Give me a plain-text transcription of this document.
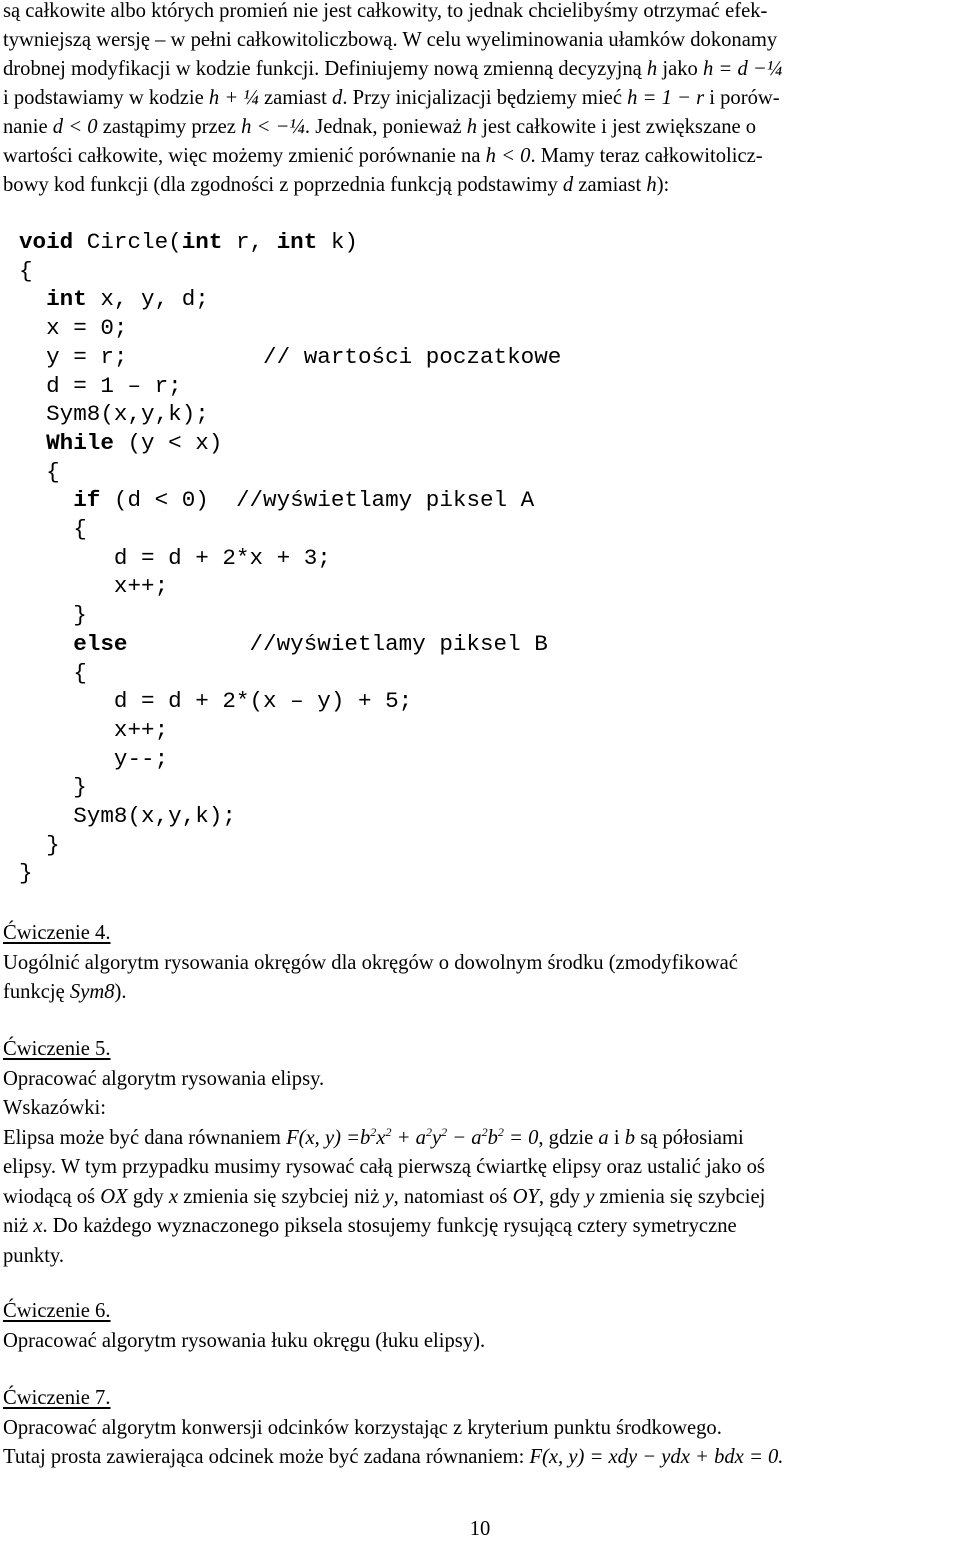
są całkowite albo których promień nie jest całkowity, to jednak chcielibyśmy otrzymać efek-
tywniejszą wersję – w pełni całkowitoliczbową. W celu wyeliminowania ułamków dokonamy
drobnej modyfikacji w kodzie funkcji. Definiujemy nową zmienną decyzyjną h jako h = d −¼
i podstawiamy w kodzie h + ¼ zamiast d. Przy inicjalizacji będziemy mieć h = 1 − r i porów-
nanie d < 0 zastąpimy przez h < −¼. Jednak, ponieważ h jest całkowite i jest zwiększane o
wartości całkowite, więc możemy zmienić porównanie na h < 0. Mamy teraz całkowitolicz-
bowy kod funkcji (dla zgodności z poprzednia funkcją podstawimy d zamiast h):
void Circle(int r, int k)
{
int x, y, d;
x = 0;
y = r;          // wartości poczatkowe
d = 1 – r;
Sym8(x,y,k);
While (y < x)
{
if (d < 0)  //wyświetlamy piksel A
{
d = d + 2*x + 3;
x++;
}
else         //wyświetlamy piksel B
{
d = d + 2*(x – y) + 5;
x++;
y--;
}
Sym8(x,y,k);
}
}
Ćwiczenie 4.
Uogólnić algorytm rysowania okręgów dla okręgów o dowolnym środku (zmodyfikować
funkcję Sym8).
Ćwiczenie 5.
Opracować algorytm rysowania elipsy.
Wskazówki:
Elipsa może być dana równaniem F(x, $y) =b^2x^2 + a^2y^2 - a^2b^2 = 0$, gdzie a i b są półosiami
elipsy. W tym przypadku musimy rysować całą pierwszą ćwiartkę elipsy oraz ustalić jako oś
wiodącą oś OX gdy x zmienia się szybciej niż y, natomiast oś OY, gdy y zmienia się szybciej
niż x. Do każdego wyznaczonego piksela stosujemy funkcję rysującą cztery symetryczne
punkty.
Ćwiczenie 6.
Opracować algorytm rysowania łuku okręgu (łuku elipsy).
Ćwiczenie 7.
Opracować algorytm konwersji odcinków korzystając z kryterium punktu środkowego.
Tutaj prosta zawierająca odcinek może być zadana równaniem: F(x, y) = xdy − ydx + bdx = 0.
10
